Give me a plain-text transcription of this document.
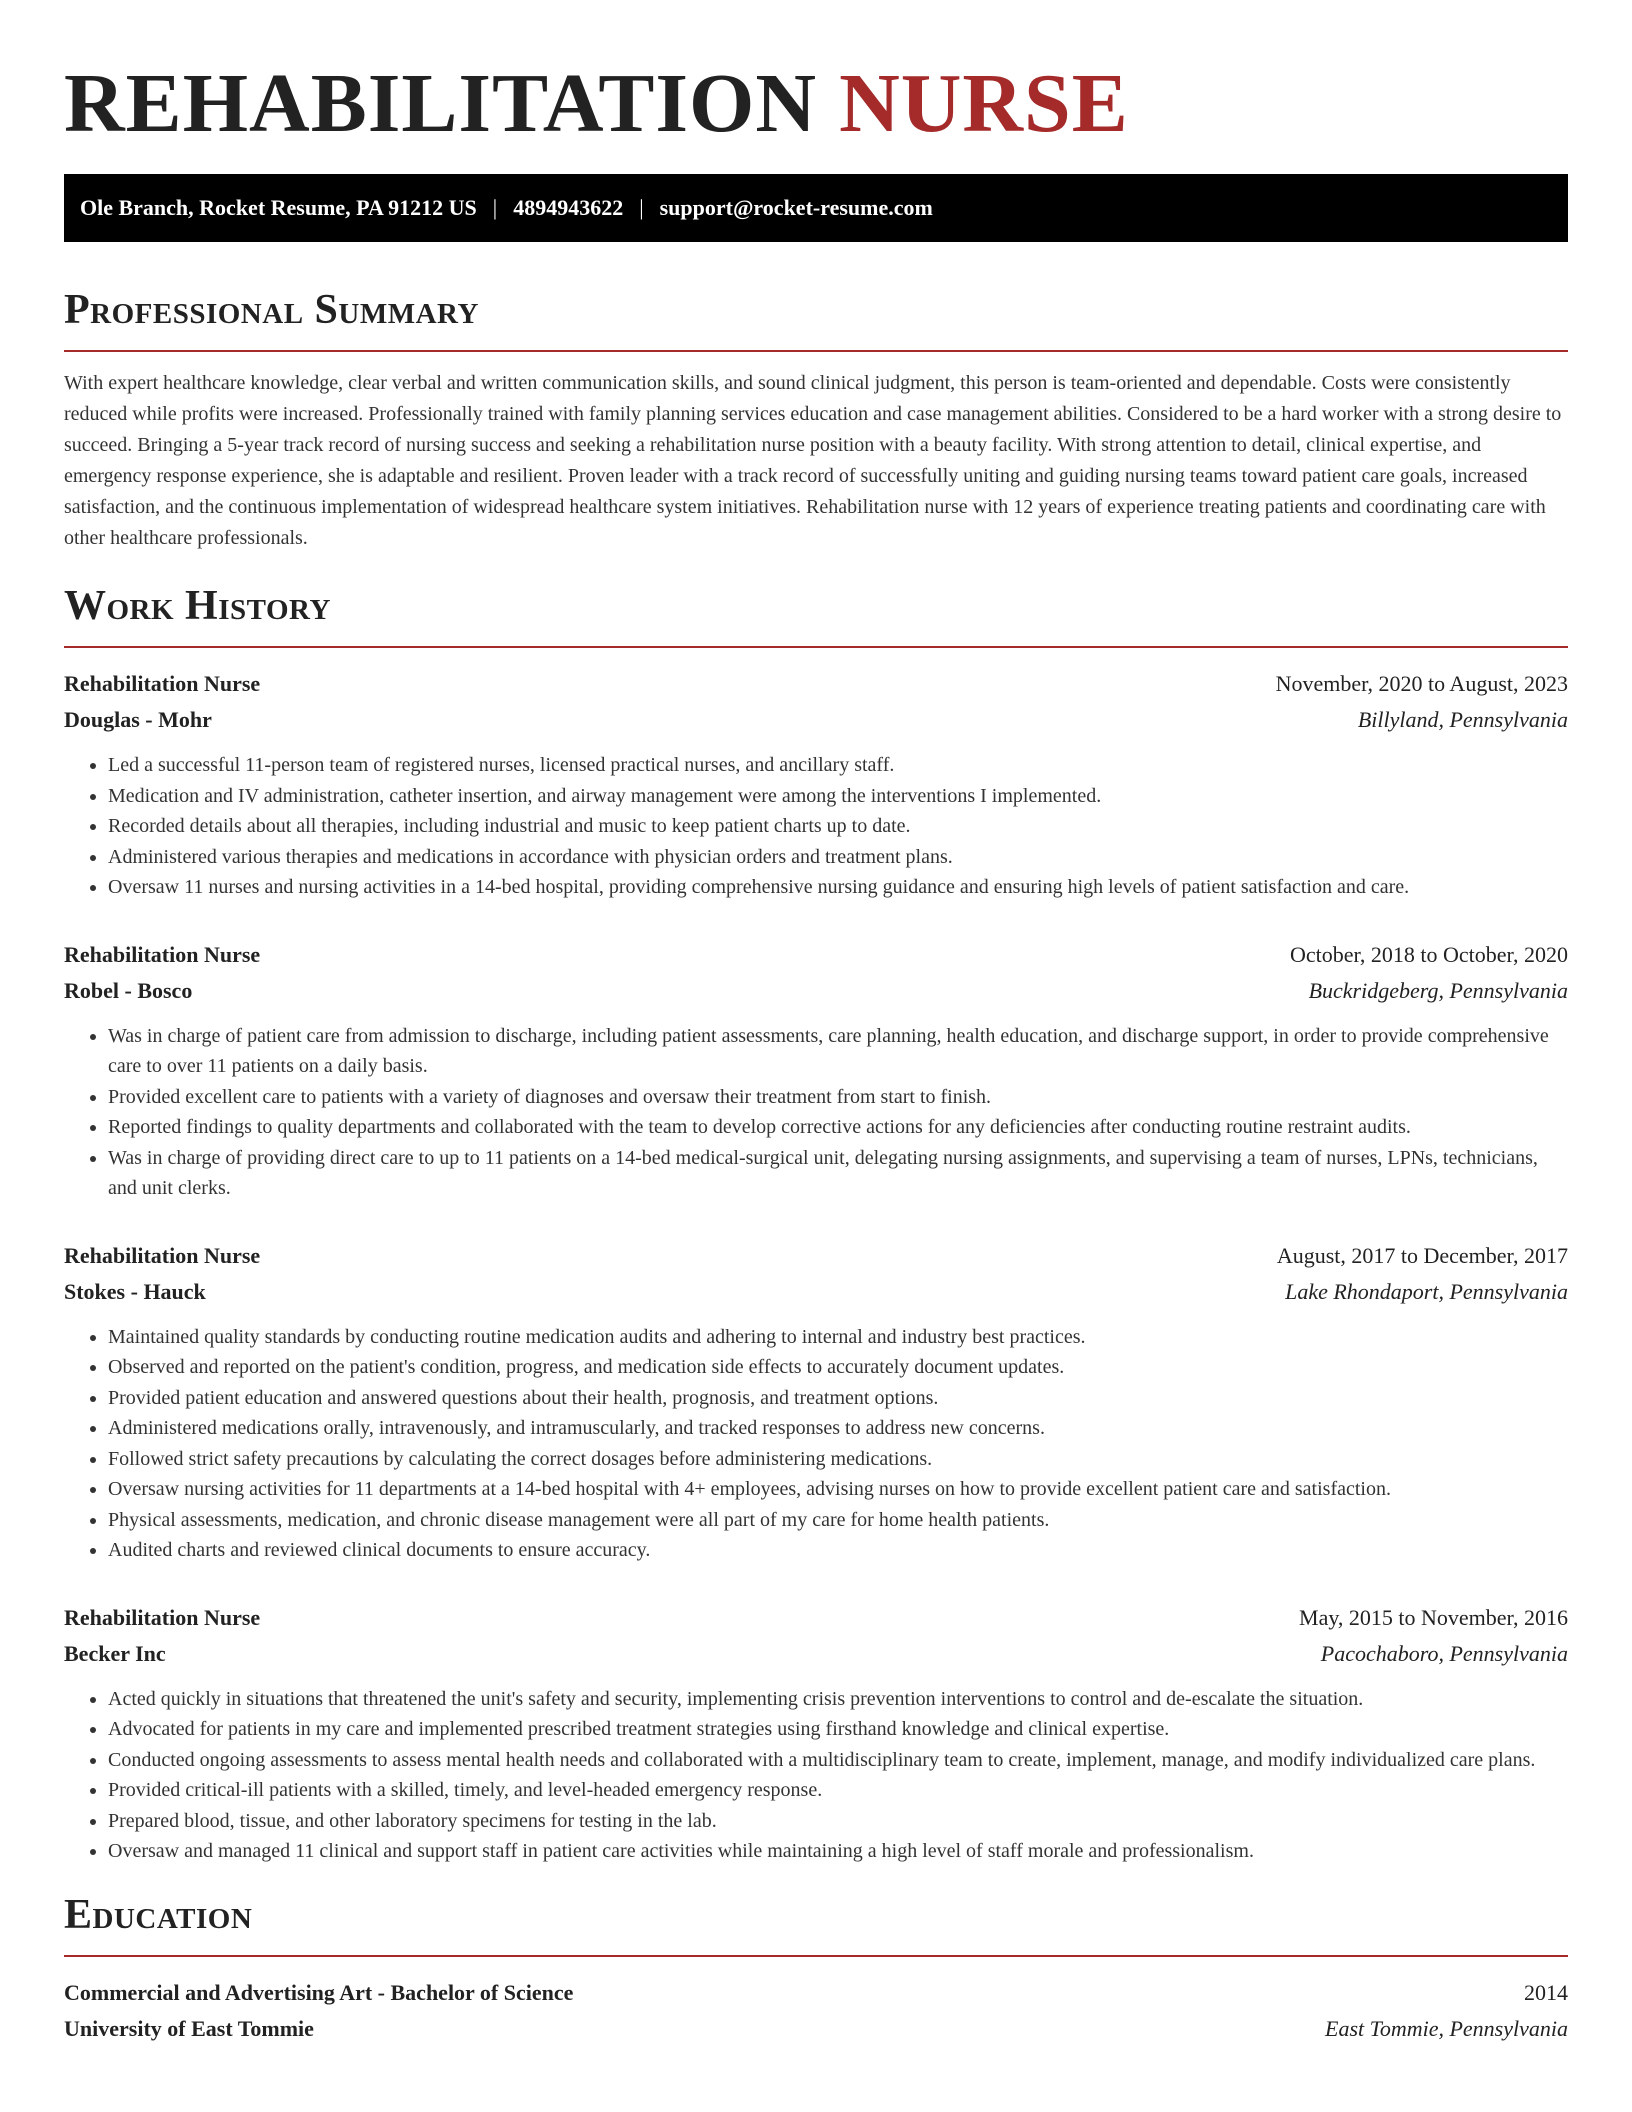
REHABILITATION NURSE
Ole Branch, Rocket Resume, PA 91212 US | 4894943622 | support@rocket-resume.com
Professional Summary

With expert healthcare knowledge, clear verbal and written communication skills, and sound clinical judgment, this person is team-oriented and dependable. Costs were consistently reduced while profits were increased. Professionally trained with family planning services education and case management abilities. Considered to be a hard worker with a strong desire to succeed. Bringing a 5-year track record of nursing success and seeking a rehabilitation nurse position with a beauty facility. With strong attention to detail, clinical expertise, and emergency response experience, she is adaptable and resilient. Proven leader with a track record of successfully uniting and guiding nursing teams toward patient care goals, increased satisfaction, and the continuous implementation of widespread healthcare system initiatives. Rehabilitation nurse with 12 years of experience treating patients and coordinating care with other healthcare professionals.

Work History
Rehabilitation Nurse	November, 2020 to August, 2023
Douglas - Mohr	Billyland, Pennsylvania
• Led a successful 11-person team of registered nurses, licensed practical nurses, and ancillary staff.
• Medication and IV administration, catheter insertion, and airway management were among the interventions I implemented.
• Recorded details about all therapies, including industrial and music to keep patient charts up to date.
• Administered various therapies and medications in accordance with physician orders and treatment plans.
• Oversaw 11 nurses and nursing activities in a 14-bed hospital, providing comprehensive nursing guidance and ensuring high levels of patient satisfaction and care.
Rehabilitation Nurse	October, 2018 to October, 2020
Robel - Bosco	Buckridgeberg, Pennsylvania
• Was in charge of patient care from admission to discharge, including patient assessments, care planning, health education, and discharge support, in order to provide comprehensive care to over 11 patients on a daily basis.
• Provided excellent care to patients with a variety of diagnoses and oversaw their treatment from start to finish.
• Reported findings to quality departments and collaborated with the team to develop corrective actions for any deficiencies after conducting routine restraint audits.
• Was in charge of providing direct care to up to 11 patients on a 14-bed medical-surgical unit, delegating nursing assignments, and supervising a team of nurses, LPNs, technicians, and unit clerks.
Rehabilitation Nurse	August, 2017 to December, 2017
Stokes - Hauck	Lake Rhondaport, Pennsylvania
• Maintained quality standards by conducting routine medication audits and adhering to internal and industry best practices.
• Observed and reported on the patient's condition, progress, and medication side effects to accurately document updates.
• Provided patient education and answered questions about their health, prognosis, and treatment options.
• Administered medications orally, intravenously, and intramuscularly, and tracked responses to address new concerns.
• Followed strict safety precautions by calculating the correct dosages before administering medications.
• Oversaw nursing activities for 11 departments at a 14-bed hospital with 4+ employees, advising nurses on how to provide excellent patient care and satisfaction.
• Physical assessments, medication, and chronic disease management were all part of my care for home health patients.
• Audited charts and reviewed clinical documents to ensure accuracy.
Rehabilitation Nurse	May, 2015 to November, 2016
Becker Inc	Pacochaboro, Pennsylvania
• Acted quickly in situations that threatened the unit's safety and security, implementing crisis prevention interventions to control and de-escalate the situation.
• Advocated for patients in my care and implemented prescribed treatment strategies using firsthand knowledge and clinical expertise.
• Conducted ongoing assessments to assess mental health needs and collaborated with a multidisciplinary team to create, implement, manage, and modify individualized care plans.
• Provided critical-ill patients with a skilled, timely, and level-headed emergency response.
• Prepared blood, tissue, and other laboratory specimens for testing in the lab.
• Oversaw and managed 11 clinical and support staff in patient care activities while maintaining a high level of staff morale and professionalism.
Education
Commercial and Advertising Art - Bachelor of Science	2014
University of East Tommie	East Tommie, Pennsylvania
